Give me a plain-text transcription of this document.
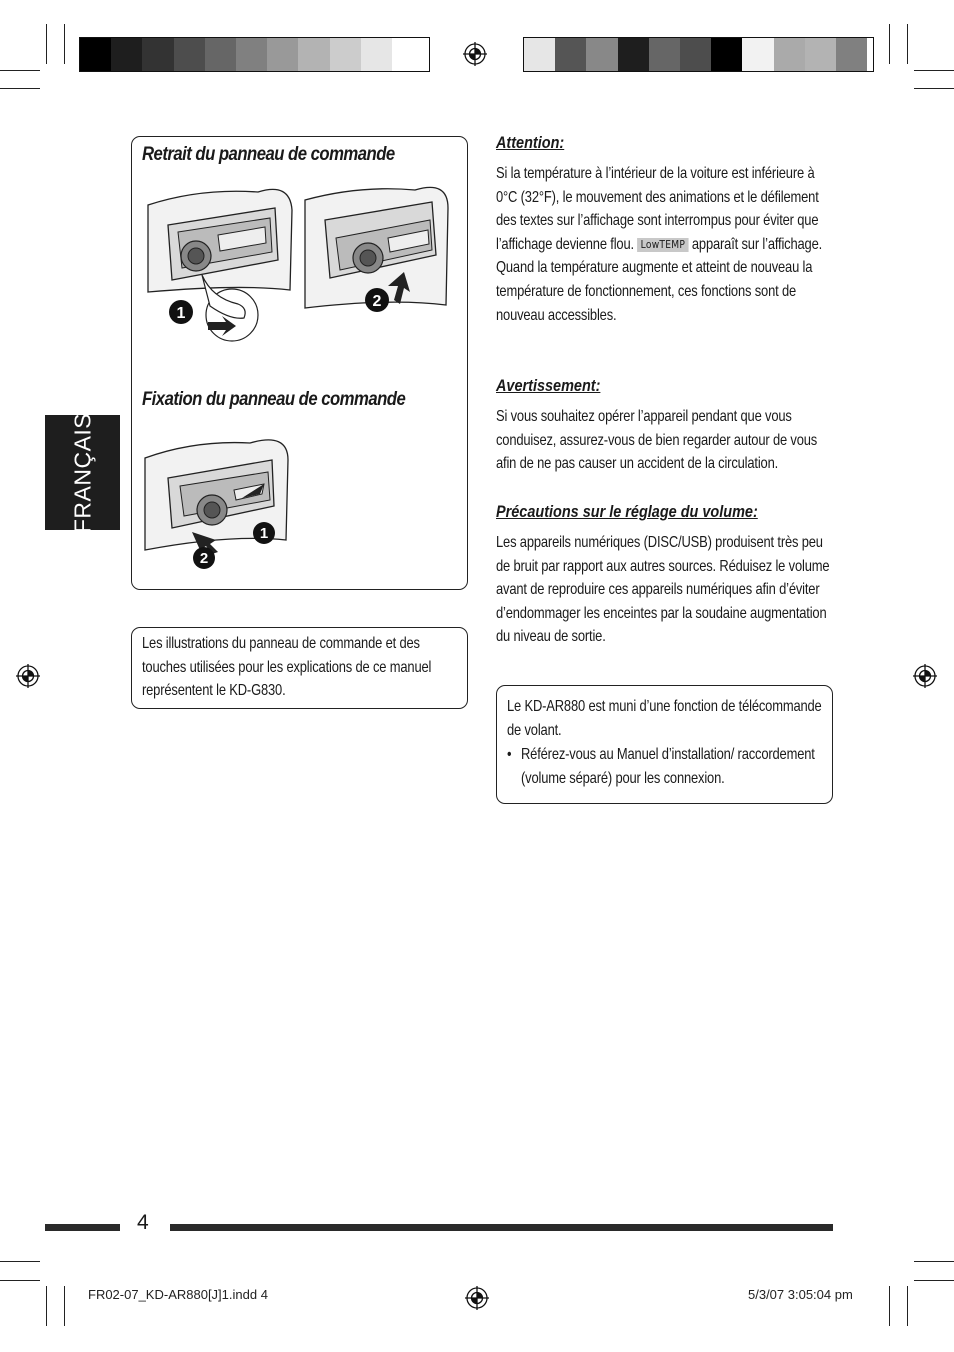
FRANÇAIS
Retrait du panneau de commande
Fixation du panneau de commande
1
2
1
2
Les illustrations du panneau de commande et des touches utilisées pour les explications de ce manuel représentent le KD-G830.
Attention:
Si la température à l’intérieur de la voiture est inférieure à 0°C (32°F), le mouvement des animations et le défilement des textes sur l’affichage sont interrompus pour éviter que l’affichage devienne flou. LowTEMP apparaît sur l’affichage.
Quand la température augmente et atteint de nouveau la température de fonctionnement, ces fonctions sont de nouveau accessibles.
Avertissement:
Si vous souhaitez opérer l’appareil pendant que vous conduisez, assurez-vous de bien regarder autour de vous afin de ne pas causer un accident de la circulation.
Précautions sur le réglage du volume:
Les appareils numériques (DISC/USB) produisent très peu de bruit par rapport aux autres sources. Réduisez le volume avant de reproduire ces appareils numériques afin d’éviter d’endommager les enceintes par la soudaine augmentation du niveau de sortie.
Le KD-AR880 est muni d’une fonction de télécommande de volant.
• Référez-vous au Manuel d’installation/ raccordement (volume séparé) pour les connexion.
4
FR02-07_KD-AR880[J]1.indd 4	5/3/07 3:05:04 pm
